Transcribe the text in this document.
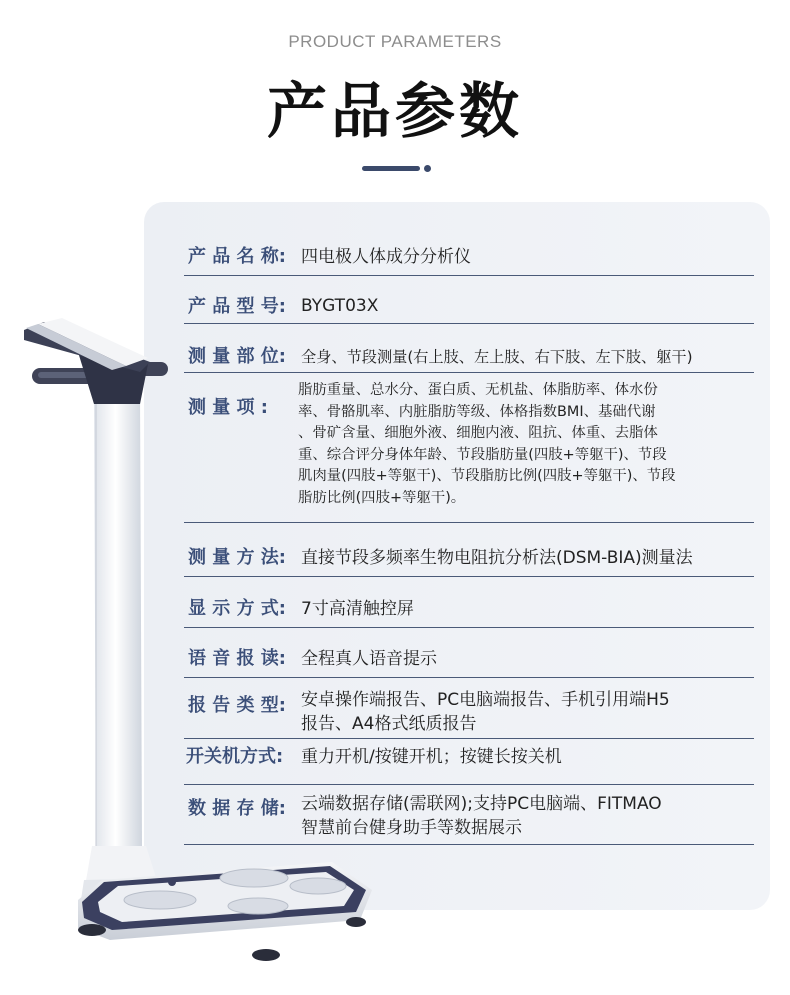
PRODUCT PARAMETERS
产品参数
产 品 名 称: 四电极人体成分分析仪
产 品 型 号: BYGT03X
测 量 部 位: 全身、节段测量(右上肢、左上肢、右下肢、左下肢、躯干)
测 量 项 :
脂肪重量、总水分、蛋白质、无机盐、体脂肪率、体水份
率、骨骼肌率、内脏脂肪等级、体格指数BMI、基础代谢
、骨矿含量、细胞外液、细胞内液、阻抗、体重、去脂体
重、综合评分身体年龄、节段脂肪量(四肢+等躯干)、节段
肌肉量(四肢+等躯干)、节段脂肪比例(四肢+等躯干)、节段
脂肪比例(四肢+等躯干)。
测 量 方 法: 直接节段多频率生物电阻抗分析法(DSM-BIA)测量法
显 示 方 式: 7寸高清触控屏
语 音 报 读: 全程真人语音提示
报 告 类 型: 安卓操作端报告、PC电脑端报告、手机引用端H5
报告、A4格式纸质报告
开关机方式: 重力开机/按键开机；按键长按关机
数 据 存 储: 云端数据存储(需联网);支持PC电脑端、FITMAO
智慧前台健身助手等数据展示
